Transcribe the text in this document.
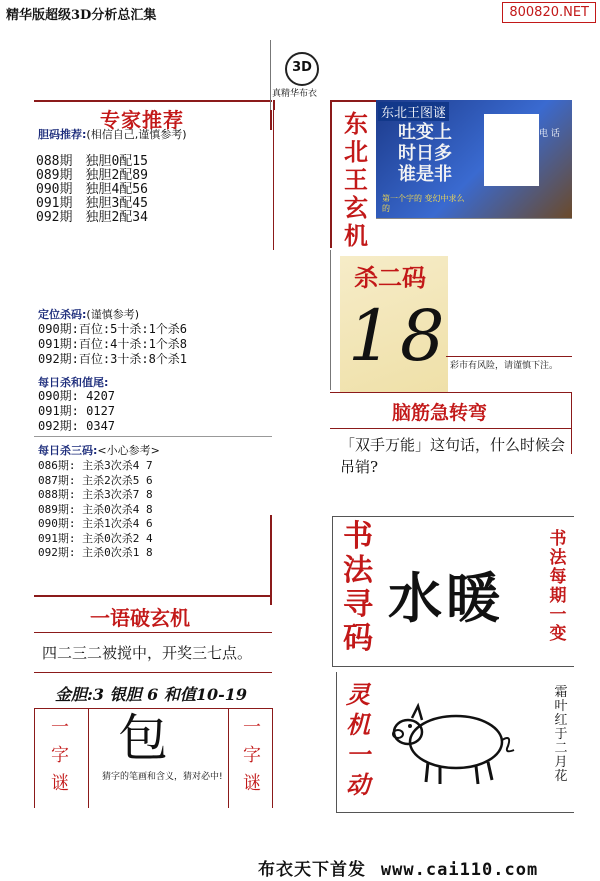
精华版超级3D分析总汇集	800820.NET
3D
真精华布衣
专家推荐
胆码推荐:(相信自己,谨慎参考)
088期　独胆0配15
089期　独胆2配89
090期　独胆4配56
091期　独胆3配45
092期　独胆2配34
定位杀码:(谨慎参考)
090期:百位:5十杀:1个杀6
091期:百位:4十杀:1个杀8
092期:百位:3十杀:8个杀1
每日杀和值尾:
090期: 4207
091期: 0127
092期: 0347
每日杀三码:<小心参考>
086期: 主杀3次杀4 7
087期: 主杀2次杀5 6
088期: 主杀3次杀7 8
089期: 主杀0次杀4 8
090期: 主杀1次杀4 6
091期: 主杀0次杀2 4
092期: 主杀0次杀1 8
一语破玄机
四二三二被搅中，开奖三七点。
金胆:3 银胆 6 和值10-19
一
字
谜
一
字
谜
包
猜字的笔画和含义，猜对必中!
东
北
王
玄
机
东北王图谜
吐变上
时日多
谁是非
第一个字的 变幻中求么的
电 话
杀二码
1 8 彩市有风险，请谨慎下注。
脑筋急转弯
「双手万能」这句话，什么时候会吊销?
书
法
寻
码
水暖
书
法
每
期
一
变
灵
机
一
动
霜
叶
红
于
二
月
花
布衣天下首发 www.cai110.com
